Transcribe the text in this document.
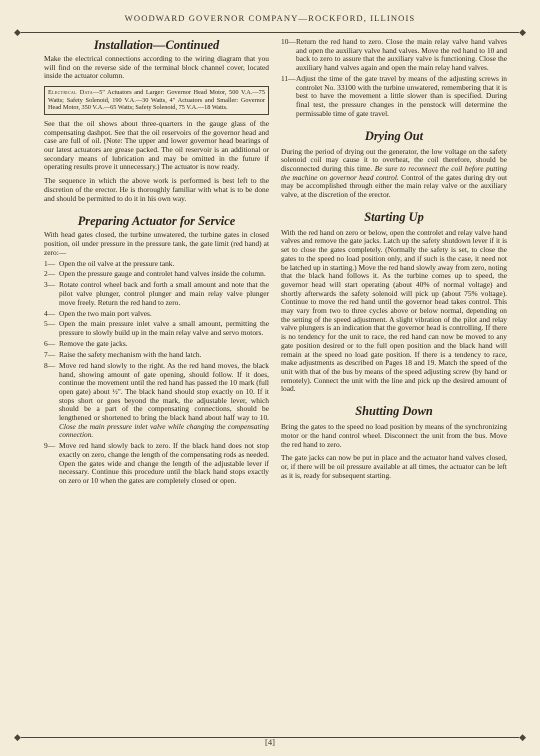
WOODWARD GOVERNOR COMPANY—ROCKFORD, ILLINOIS
◆	◆
Installation—Continued

Make the electrical connections according to the wiring diagram that you will find on the reverse side of the terminal block channel cover, located inside the actuator column.

Electrical Data—5" Actuators and Larger: Governor Head Motor, 500 V.A.—75 Watts; Safety Solenoid, 190 V.A.—30 Watts, 4" Actuators and Smaller: Governor Head Motor, 350 V.A.—65 Watts; Safety Solenoid, 75 V.A.—18 Watts.

See that the oil shows about three-quarters in the gauge glass of the compensating dashpot. See that the oil reservoirs of the governor head and case are full of oil. (Note: The upper and lower governor head bearings of our latest actuators are grease packed. The oil reservoir is an additional or secondary means of lubrication and may be omitted in the future if operating results prove it unnecessary.) The actuator is now ready.

The sequence in which the above work is performed is best left to the discretion of the erector. He is thoroughly familiar with what is to be done and should be permitted to do it in his own way.

Preparing Actuator for Service

With head gates closed, the turbine unwatered, the turbine gates in closed position, oil under pressure in the pressure tank, the gate limit (red hand) at zero:—

1— Open the oil valve at the pressure tank.
2— Open the pressure gauge and controlet hand valves inside the column.
3— Rotate control wheel back and forth a small amount and note that the pilot valve plunger, control plunger and main relay valve plunger move freely. Return the red hand to zero.
4— Open the two main port valves.
5— Open the main pressure inlet valve a small amount, permitting the pressure to slowly build up in the main relay valve and servo motors.
6— Remove the gate jacks.
7— Raise the safety mechanism with the hand latch.
8— Move red hand slowly to the right. As the red hand moves, the black hand, showing amount of gate opening, should follow. If it does, continue the movement until the red hand has passed the 10 mark (full open gate) about ½". The black hand should stop exactly on 10. If it stops short or goes beyond the mark, the adjustable lever, which should be a part of the compensating connections, should be lengthened or shortened to bring the black hand about half way to 10. Close the main pressure inlet valve while changing the compensating connection.
9— Move red hand slowly back to zero. If the black hand does not stop exactly on zero, change the length of the compensating rods as needed. Open the gates wide and change the length of the adjustable lever if necessary. Continue this procedure until the black hand stops exactly on zero or 10 when the gates are completely closed or open.
10— Return the red hand to zero. Close the main relay valve hand valves and open the auxiliary valve hand valves. Move the red hand to 10 and back to zero to assure that the auxiliary valve is functioning. Close the auxiliary hand valves again and open the main relay hand valves.
11— Adjust the time of the gate travel by means of the adjusting screws in controlet No. 33100 with the turbine unwatered, remembering that it is best to have the movement a little slower than is specified. During final test, the pressure changes in the penstock will determine the permissable time of gate travel.
Drying Out

During the period of drying out the generator, the low voltage on the safety solenoid coil may cause it to overheat, the coil therefore, should be disconnected during this time. Be sure to reconnect the coil before putting the machine on governor head control. Control of the gates during dry out may be accomplished through either the main relay valve or the auxiliary valve, at the discretion of the erector.

Starting Up

With the red hand on zero or below, open the controlet and relay valve hand valves and remove the gate jacks. Latch up the safety shutdown lever if it is set to close the gates completely. (Normally the safety is set, to close the gates to the speed no load position only, and if such is the case, it need not be latched up in starting.) Move the red hand slowly away from zero, noting that the black hand follows it. As the turbine comes up to speed, the governor head will start operating (about 40% of normal voltage) and shortly afterwards the safety solenoid will pick up (about 75% voltage). Continue to move the red hand until the governor head takes control. This may vary from two to three cycles above or below normal, depending on the setting of the speed adjustment. A slight vibration of the pilot and relay valve plungers is an indication that the governor head is controlling. If there is no tendency for the unit to race, the red hand can now be moved to any gate position desired or to the full open position and the black hand will remain at the speed no load gate position. If there is a tendency to race, make adjustments as described on Pages 18 and 19. Match the speed of the unit with that of the bus by means of the speed adjusting screw (by hand or remotely). Connect the unit with the line and pick up the desired amount of load.

Shutting Down

Bring the gates to the speed no load position by means of the synchronizing motor or the hand control wheel. Disconnect the unit from the bus. Move the red hand to zero.

The gate jacks can now be put in place and the actuator hand valves closed, or, if there will be oil pressure available at all times, the actuator can be left as it is, ready for subsequent starting.

◆	◆
[4]
